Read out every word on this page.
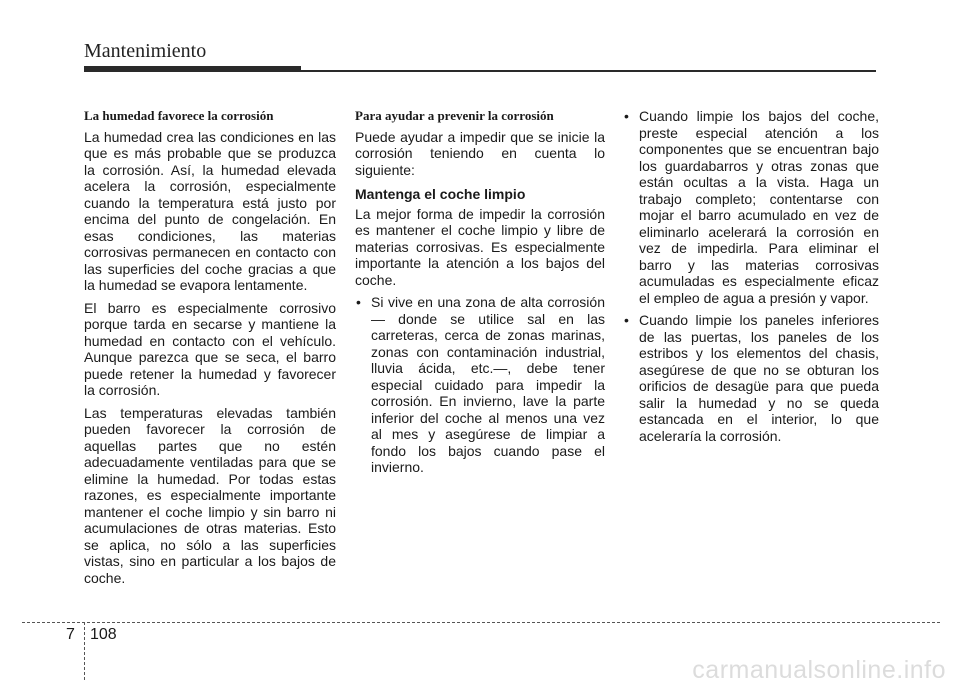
Mantenimiento
La humedad favorece la corrosión

La humedad crea las condiciones en las que es más probable que se produzca la corrosión. Así, la humedad elevada acelera la corrosión, especialmente cuando la temperatura está justo por encima del punto de congelación. En esas condiciones, las materias corrosivas permanecen en contacto con las superficies del coche gracias a que la humedad se evapora lentamente.

El barro es especialmente corrosivo porque tarda en secarse y mantiene la humedad en contacto con el vehículo. Aunque parezca que se seca, el barro puede retener la humedad y favorecer la corrosión.

Las temperaturas elevadas también pueden favorecer la corrosión de aquellas partes que no estén adecuadamente ventiladas para que se elimine la humedad. Por todas estas razones, es especialmente importante mantener el coche limpio y sin barro ni acumulaciones de otras materias. Esto se aplica, no sólo a las superficies vistas, sino en particular a los bajos de coche.

Para ayudar a prevenir la corrosión

Puede ayudar a impedir que se inicie la corrosión teniendo en cuenta lo siguiente:

Mantenga el coche limpio

La mejor forma de impedir la corrosión es mantener el coche limpio y libre de materias corrosivas. Es especialmente importante la atención a los bajos del coche.

• Si vive en una zona de alta corrosión — donde se utilice sal en las carreteras, cerca de zonas marinas, zonas con contaminación industrial, lluvia ácida, etc.—, debe tener especial cuidado para impedir la corrosión. En invierno, lave la parte inferior del coche al menos una vez al mes y asegúrese de limpiar a fondo los bajos cuando pase el invierno.
• Cuando limpie los bajos del coche, preste especial atención a los componentes que se encuentran bajo los guardabarros y otras zonas que están ocultas a la vista. Haga un trabajo completo; contentarse con mojar el barro acumulado en vez de eliminarlo acelerará la corrosión en vez de impedirla. Para eliminar el barro y las materias corrosivas acumuladas es especialmente eficaz el empleo de agua a presión y vapor.
• Cuando limpie los paneles inferiores de las puertas, los paneles de los estribos y los elementos del chasis, asegúrese de que no se obturan los orificios de desagüe para que pueda salir la humedad y no se queda estancada en el interior, lo que aceleraría la corrosión.
7 108
carmanualsonline.info
